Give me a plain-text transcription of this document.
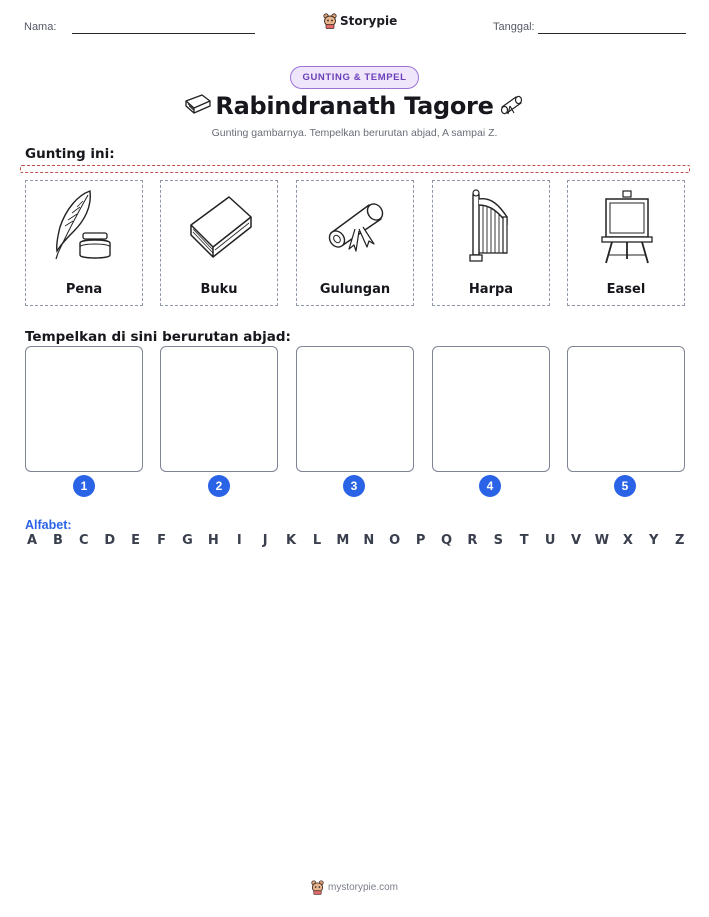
Nama:	Storypie	Tanggal:
GUNTING & TEMPEL
Rabindranath Tagore
Gunting gambarnya. Tempelkan berurutan abjad, A sampai Z.
Gunting ini:
Pena	Buku	Gulungan	Harpa	Easel
Tempelkan di sini berurutan abjad:
1	2	3	4	5
Alfabet:
A B C D E F G H	I	J	K L M N O P Q R S T U V W X Y Z
mystorypie.com
